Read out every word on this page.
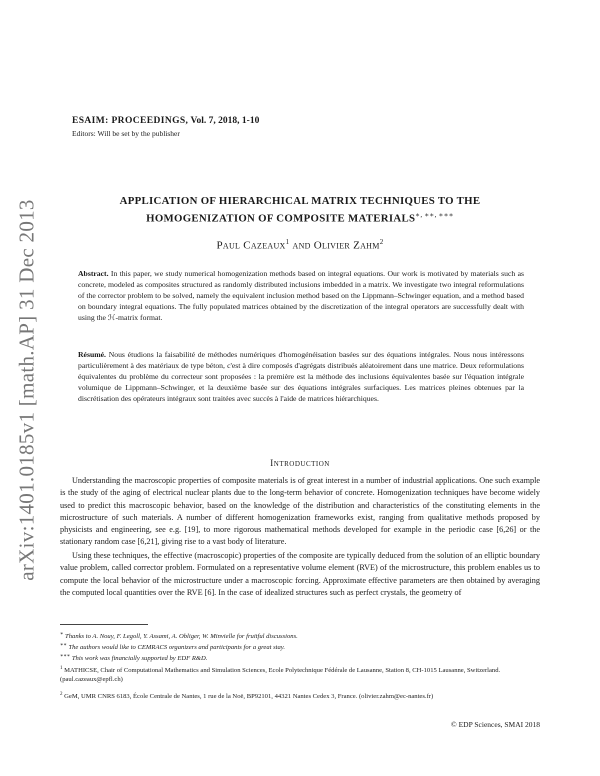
arXiv:1401.0185v1 [math.AP] 31 Dec 2013
ESAIM: PROCEEDINGS, Vol. 7, 2018, 1-10
Editors: Will be set by the publisher
APPLICATION OF HIERARCHICAL MATRIX TECHNIQUES TO THE
HOMOGENIZATION OF COMPOSITE MATERIALS∗, ∗∗, ∗∗∗
Paul Cazeaux$^1$ and Olivier Zahm$^2$
Abstract. In this paper, we study numerical homogenization methods based on integral equations. Our work is motivated by materials such as concrete, modeled as composites structured as randomly distributed inclusions imbedded in a matrix. We investigate two integral reformulations of the corrector problem to be solved, namely the equivalent inclusion method based on the Lippmann–Schwinger equation, and a method based on boundary integral equations. The fully populated matrices obtained by the discretization of the integral operators are successfully dealt with using the ℋ-matrix format.
Résumé. Nous étudions la faisabilité de méthodes numériques d'homogénéisation basées sur des équations intégrales. Nous nous intéressons particulièrement à des matériaux de type béton, c'est à dire composés d'agrégats distribués aléatoirement dans une matrice. Deux reformulations équivalentes du problème du correcteur sont proposées : la première est la méthode des inclusions équivalentes basée sur l'équation intégrale volumique de Lippmann–Schwinger, et la deuxième basée sur des équations intégrales surfaciques. Les matrices pleines obtenues par la discrétisation des opérateurs intégraux sont traitées avec succès à l'aide de matrices hiérarchiques.
Introduction
Understanding the macroscopic properties of composite materials is of great interest in a number of industrial applications. One such example is the study of the aging of electrical nuclear plants due to the long-term behavior of concrete. Homogenization techniques have become widely used to predict this macroscopic behavior, based on the knowledge of the distribution and characteristics of the constituting elements in the microstructure of such materials. A number of different homogenization frameworks exist, ranging from qualitative methods proposed by physicists and engineering, see e.g. [19], to more rigorous mathematical methods developed for example in the periodic case [6,26] or the stationary random case [6,21], giving rise to a vast body of literature.
Using these techniques, the effective (macroscopic) properties of the composite are typically deduced from the solution of an elliptic boundary value problem, called corrector problem. Formulated on a representative volume element (RVE) of the microstructure, this problem enables us to compute the local behavior of the microstructure under a macroscopic forcing. Approximate effective parameters are then obtained by averaging the computed local quantities over the RVE [6]. In the case of idealized structures such as perfect crystals, the geometry of
∗ Thanks to A. Nouy, F. Legoll, Y. Assami, A. Obliger, W. Minvielle for fruitful discussions.
∗∗ The authors would like to CEMRACS organizers and participants for a great stay.
∗∗∗ This work was financially supported by EDF R&D.
$^1$ MATHICSE, Chair of Computational Mathematics and Simulation Sciences, Ecole Polytechnique Fédérale de Lausanne, Station 8, CH-1015 Lausanne, Switzerland. (paul.cazeaux@epfl.ch)
$^2$ GeM, UMR CNRS 6183, École Centrale de Nantes, 1 rue de la Noë, BP92101, 44321 Nantes Cedex 3, France. (olivier.zahm@ec-nantes.fr)
© EDP Sciences, SMAI 2018
